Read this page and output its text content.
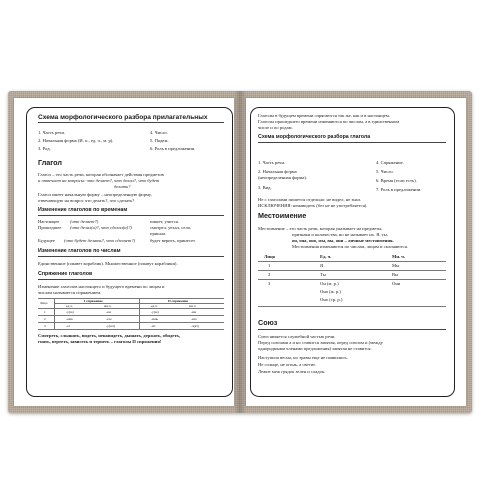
Схема морфологического разбора прилагательных
1. Часть речи.
2. Начальная форма (И. п., ед. ч., м. р).
3. Род.
4. Число.
5. Падеж.
6. Роль в предложении.
Глагол
Глагол – это часть речи, которая обозначает действия предметов
и отвечает на вопросы: что делает?, что делал?, что будет
делать?
Глагол имеет начальную форму – неопределенную форму,
отвечающую на вопрос что делать?, что сделать?
Изменение глаголов по временам
Настоящее (что делает?)	пишет, учится.
Прошедшее (что делал(а)?, что сделал(а)?)	смотрел, уехал, села,
пришла.
Будущее (что будет делать?, что сделает?)	будет верить, принесет.
Изменение глаголов по числам
Единственное (плывет кораблик). Множественное (плывут кораблики).
Спряжение глаголов
Изменение глаголов настоящего и будущего времени по лицам и
числам называется спряжением.
Лицо
I спряжение	II спряжение
ед.ч.	мн.ч.	ед.ч.	мн.ч.
1	-у(ю)	-ем	-у(ю)	-им
2	-ешь	-ете	-ишь	-ите
3	-ет	-у(ют)	-ит	-а(ят)
Смотреть, слышать, видеть, ненавидеть, дышать, держать, обидеть,
гнать, вертеть, зависеть и терпеть – глаголы II спряжения!
Глаголы в будущем времени спрягаются так же, как и в настоящем.
Глаголы прошедшего времени изменяются по числам, а в единственном
числе и по родам.
Схема морфологического разбора глагола
1. Часть речи.
2. Начальная форма
(неопределенная форма).
3. Вид.
4. Спряжение.
5. Число.
6. Время (если есть).
7. Роль в предложении.
Не с глаголами пишется отдельно: не видел, не знал.
ИСКЛЮЧЕНИЯ: ненавидеть (без не не употребляется).
Местоимение
Местоимение – это часть речи, которая указывает на предметы,
признаки и количества, но не называет их. Я, ты,
он, она, оно, мы, вы, они – личные местоимения.
Местоимения изменяются по числам, лицам и склоняются.
Лицо	Ед. ч.	Мн. ч.
1	Я	Мы
2	Ты	Вы
3	Он (м. р.)	Они
Она (ж. р.)
Оно (ср. р.)
Союз
Союз является служебной частью речи.
Перед союзами а и но ставится запятая, перед союзом и (между
однородными членами предложения) запятая не ставится.
Наступила весна, но травы еще не появились.
Не солнце, не огонь, а светит.
Лежит меж грядок зелен и сладок.
